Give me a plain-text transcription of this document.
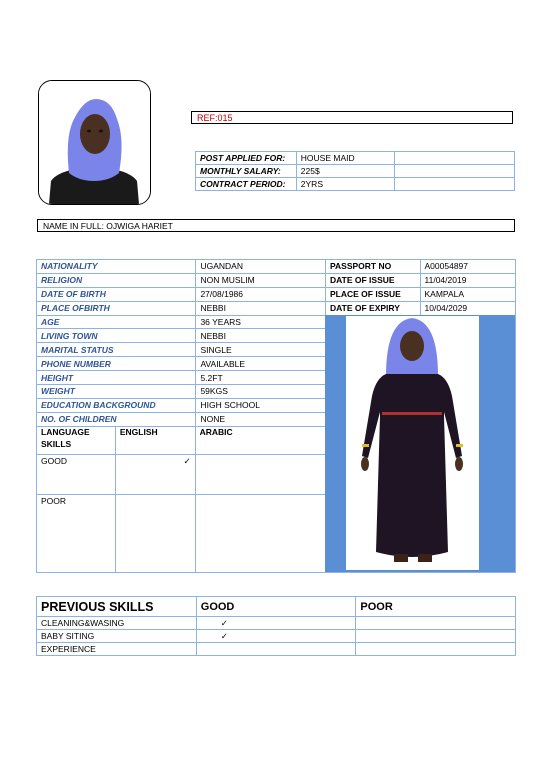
REF:015
POST APPLIED FOR:	HOUSE MAID	
MONTHLY SALARY:	225$	
CONTRACT PERIOD:	2YRS	
NAME IN FULL: OJWIGA HARIET
NATIONALITY	UGANDAN
RELIGION	NON MUSLIM
DATE OF BIRTH	27/08/1986
PLACE OFBIRTH	NEBBI
AGE	36 YEARS
LIVING TOWN	NEBBI
MARITAL STATUS	SINGLE
PHONE NUMBER	AVAILABLE
HEIGHT	5.2FT
WEIGHT	59KGS
EDUCATION BACKGROUND	HIGH SCHOOL
NO. OF CHILDREN	NONE
LANGUAGE SKILLS	ENGLISH	ARABIC
GOOD	✓	
POOR		
PASSPORT NO	A00054897
DATE OF ISSUE	11/04/2019
PLACE OF ISSUE	KAMPALA
DATE OF EXPIRY	10/04/2029
PREVIOUS SKILLS	GOOD	POOR
CLEANING&WASING	✓	
BABY SITING	✓	
EXPERIENCE		
